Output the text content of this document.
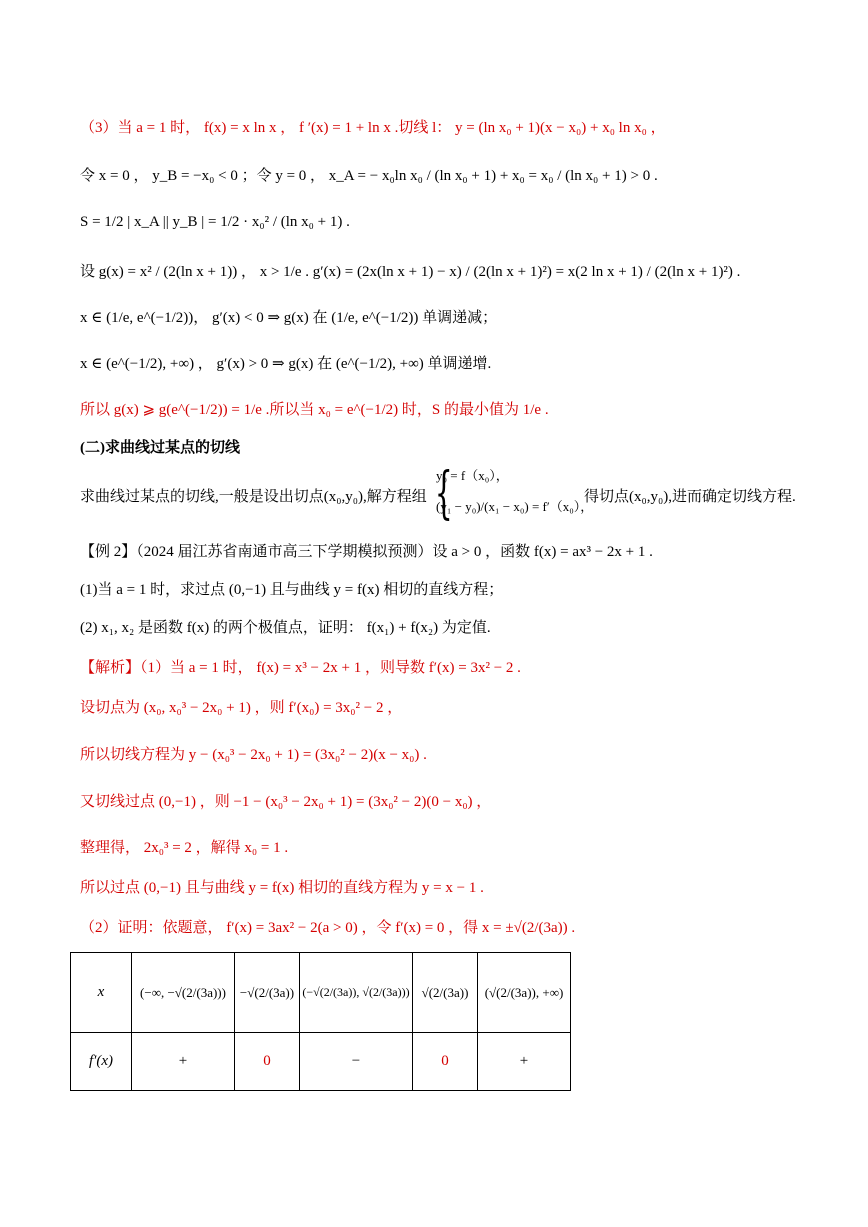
（3）当 a = 1 时， f(x) = x ln x ， f ′(x) = 1 + ln x .切线 l： y = (ln x₀ + 1)(x − x₀) + x₀ ln x₀ ，
令 x = 0 ， y_B = −x₀ < 0 ；令 y = 0 ， x_A = − x₀ln x₀ / (ln x₀ + 1) + x₀ = x₀ / (ln x₀ + 1) > 0 .
S = 1/2 | x_A || y_B | = 1/2 · x₀² / (ln x₀ + 1) .
设 g(x) = x² / (2(ln x + 1)) ， x > 1/e . g′(x) = (2x(ln x + 1) − x) / (2(ln x + 1)²) = x(2 ln x + 1) / (2(ln x + 1)²) .
x ∈ (1/e, e^(−1/2))， g′(x) < 0 ⇒ g(x) 在 (1/e, e^(−1/2)) 单调递减；
x ∈ (e^(−1/2), +∞) ， g′(x) > 0 ⇒ g(x) 在 (e^(−1/2), +∞) 单调递增.
所以 g(x) ⩾ g(e^(−1/2)) = 1/e .所以当 x₀ = e^(−1/2) 时，S 的最小值为 1/e .
(二)求曲线过某点的切线
求曲线过某点的切线,一般是设出切点(x₀,y₀),解方程组 {
y₀ = f（x₀），
(y₁ − y₀)/(x₁ − x₀) = f′（x₀），
得切点(x₀,y₀),进而确定切线方程.
【例 2】（2024 届江苏省南通市高三下学期模拟预测）设 a > 0 ，函数 f(x) = ax³ − 2x + 1 .
(1)当 a = 1 时，求过点 (0,−1) 且与曲线 y = f(x) 相切的直线方程；
(2) x₁, x₂ 是函数 f(x) 的两个极值点，证明： f(x₁) + f(x₂) 为定值.
【解析】（1）当 a = 1 时， f(x) = x³ − 2x + 1 ，则导数 f′(x) = 3x² − 2 .
设切点为 (x₀, x₀³ − 2x₀ + 1) ，则 f′(x₀) = 3x₀² − 2 ，
所以切线方程为 y − (x₀³ − 2x₀ + 1) = (3x₀² − 2)(x − x₀) .
又切线过点 (0,−1) ，则 −1 − (x₀³ − 2x₀ + 1) = (3x₀² − 2)(0 − x₀) ，
整理得， 2x₀³ = 2 ，解得 x₀ = 1 .
所以过点 (0,−1) 且与曲线 y = f(x) 相切的直线方程为 y = x − 1 .
（2）证明：依题意， f′(x) = 3ax² − 2(a > 0) ，令 f′(x) = 0 ，得 x = ±√(2/(3a)) .
x	(−∞, −√(2/(3a)))	−√(2/(3a))	(−√(2/(3a)), √(2/(3a)))	√(2/(3a))	(√(2/(3a)), +∞)
f′(x)	+	0	−	0	+
